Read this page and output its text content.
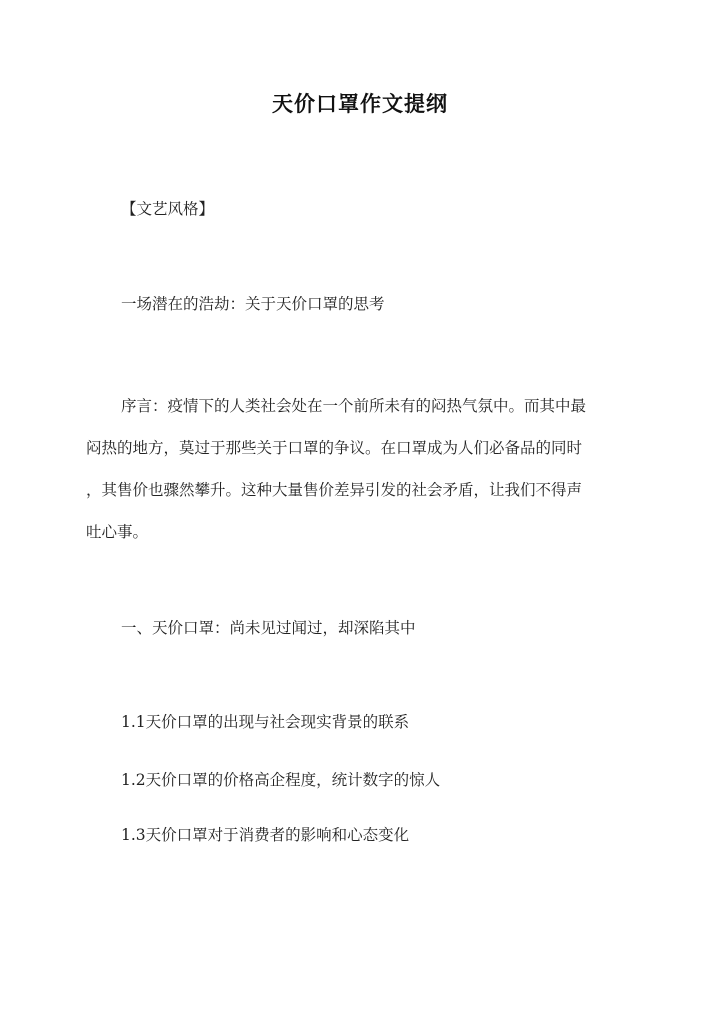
天价口罩作文提纲
【文艺风格】
一场潜在的浩劫：关于天价口罩的思考
序言：疫情下的人类社会处在一个前所未有的闷热气氛中。而其中最
闷热的地方，莫过于那些关于口罩的争议。在口罩成为人们必备品的同时
，其售价也骤然攀升。这种大量售价差异引发的社会矛盾，让我们不得声
吐心事。
一、天价口罩：尚未见过闻过，却深陷其中
1.1天价口罩的出现与社会现实背景的联系
1.2天价口罩的价格高企程度，统计数字的惊人
1.3天价口罩对于消费者的影响和心态变化
